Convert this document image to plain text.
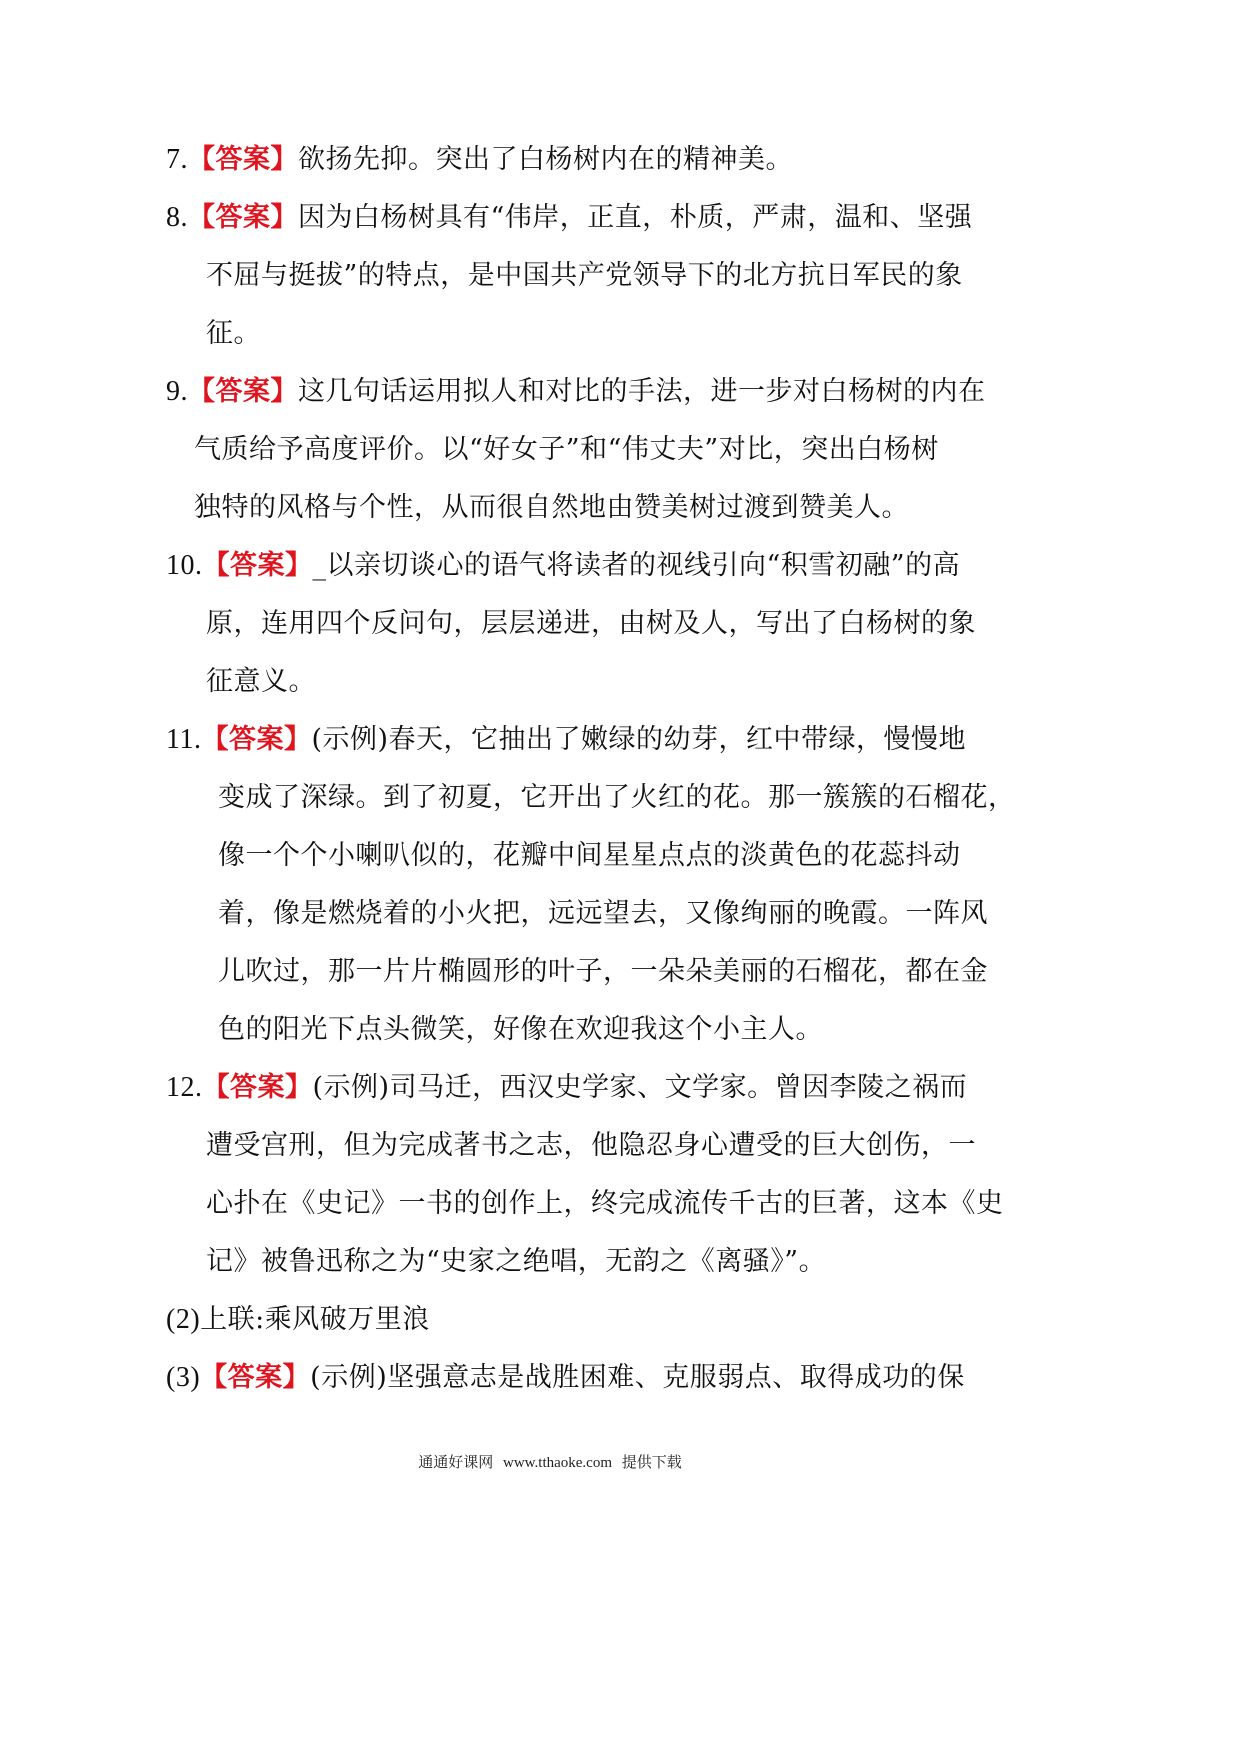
7.【答案】欲扬先抑。突出了白杨树内在的精神美。
8.【答案】因为白杨树具有“伟岸，正直，朴质，严肃，温和、坚强
不屈与挺拔”的特点，是中国共产党领导下的北方抗日军民的象
征。
9.【答案】这几句话运用拟人和对比的手法，进一步对白杨树的内在
气质给予高度评价。以“好女子”和“伟丈夫”对比，突出白杨树
独特的风格与个性，从而很自然地由赞美树过渡到赞美人。
10.【答案】_以亲切谈心的语气将读者的视线引向“积雪初融”的高
原，连用四个反问句，层层递进，由树及人，写出了白杨树的象
征意义。
11.【答案】(示例)春天，它抽出了嫩绿的幼芽，红中带绿，慢慢地
变成了深绿。到了初夏，它开出了火红的花。那一簇簇的石榴花，
像一个个小喇叭似的，花瓣中间星星点点的淡黄色的花蕊抖动
着，像是燃烧着的小火把，远远望去，又像绚丽的晚霞。一阵风
儿吹过，那一片片椭圆形的叶子，一朵朵美丽的石榴花，都在金
色的阳光下点头微笑，好像在欢迎我这个小主人。
12.【答案】(示例)司马迁，西汉史学家、文学家。曾因李陵之祸而
遭受宫刑，但为完成著书之志，他隐忍身心遭受的巨大创伤，一
心扑在《史记》一书的创作上，终完成流传千古的巨著，这本《史
记》被鲁迅称之为“史家之绝唱，无韵之《离骚》”。
(2)上联:乘风破万里浪
(3)【答案】(示例)坚强意志是战胜困难、克服弱点、取得成功的保
通通好课网 www.tthaoke.com 提供下载
